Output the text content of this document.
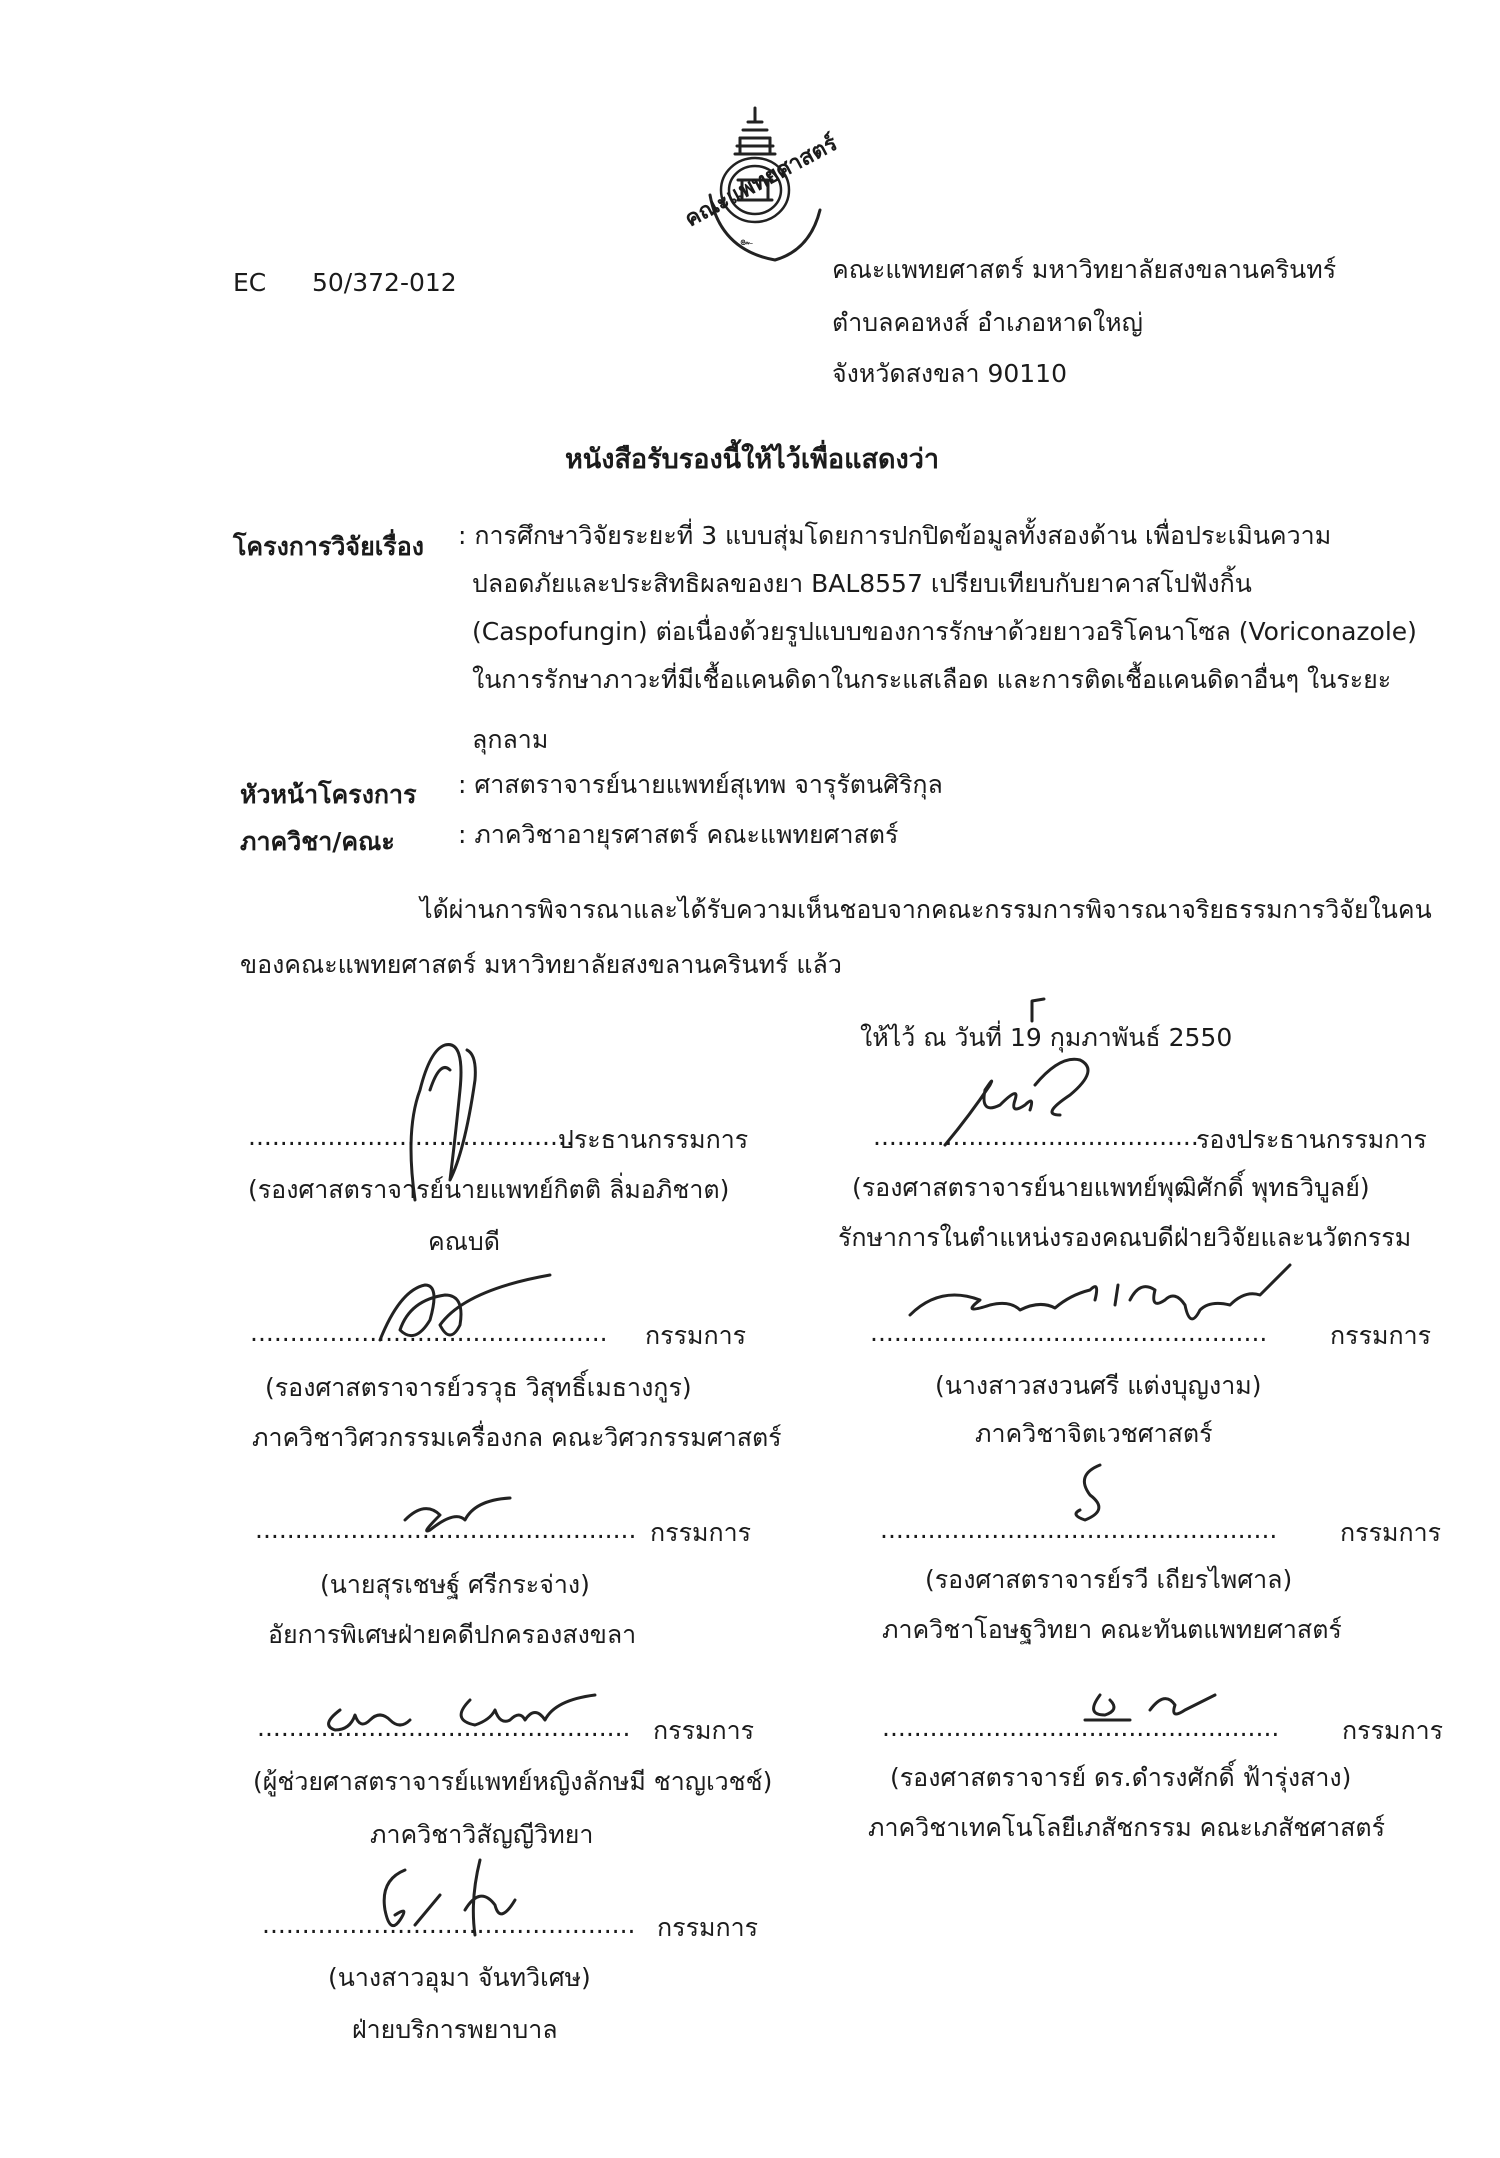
EC 50/372-012
๛
คณะแพทยศาสตร์
คณะแพทยศาสตร์ มหาวิทยาลัยสงขลานครินทร์
ตำบลคอหงส์ อำเภอหาดใหญ่
จังหวัดสงขลา 90110
หนังสือรับรองนี้ให้ไว้เพื่อแสดงว่า
โครงการวิจัยเรื่อง : การศึกษาวิจัยระยะที่ 3 แบบสุ่มโดยการปกปิดข้อมูลทั้งสองด้าน เพื่อประเมินความ
ปลอดภัยและประสิทธิผลของยา BAL8557 เปรียบเทียบกับยาคาสโปฟังกิ้น
(Caspofungin) ต่อเนื่องด้วยรูปแบบของการรักษาด้วยยาวอริโคนาโซล (Voriconazole)
ในการรักษาภาวะที่มีเชื้อแคนดิดาในกระแสเลือด และการติดเชื้อแคนดิดาอื่นๆ ในระยะ
ลุกลาม
หัวหน้าโครงการ : ศาสตราจารย์นายแพทย์สุเทพ จารุรัตนศิริกุล
ภาควิชา/คณะ	: ภาควิชาอายุรศาสตร์ คณะแพทยศาสตร์
ได้ผ่านการพิจารณาและได้รับความเห็นชอบจากคณะกรรมการพิจารณาจริยธรรมการวิจัยในคน
ของคณะแพทยศาสตร์ มหาวิทยาลัยสงขลานครินทร์ แล้ว
ให้ไว้ ณ วันที่ 19 กุมภาพันธ์ 2550
.........................................
ประธานกรรมการ
(รองศาสตราจารย์นายแพทย์กิตติ ลิ่มอภิชาต)
คณบดี
............................................. กรรมการ
(รองศาสตราจารย์วรวุธ วิสุทธิ์เมธางกูร)
ภาควิชาวิศวกรรมเครื่องกล คณะวิศวกรรมศาสตร์
................................................ กรรมการ
(นายสุรเชษฐ์ ศรีกระจ่าง)
อัยการพิเศษฝ่ายคดีปกครองสงขลา
............................................... กรรมการ
(ผู้ช่วยศาสตราจารย์แพทย์หญิงลักษมี ชาญเวชช์)
ภาควิชาวิสัญญีวิทยา
............................................... กรรมการ
(นางสาวอุมา จันทวิเศษ)
ฝ่ายบริการพยาบาล
.........................................
รองประธานกรรมการ
(รองศาสตราจารย์นายแพทย์พุฒิศักดิ์ พุทธวิบูลย์)
รักษาการในตำแหน่งรองคณบดีฝ่ายวิจัยและนวัตกรรม
..................................................	กรรมการ
(นางสาวสงวนศรี แต่งบุญงาม)
ภาควิชาจิตเวชศาสตร์
..................................................	กรรมการ
(รองศาสตราจารย์รวี เถียรไพศาล)
ภาควิชาโอษฐวิทยา คณะทันตแพทยศาสตร์
..................................................	กรรมการ
(รองศาสตราจารย์ ดร.ดำรงศักดิ์ ฟ้ารุ่งสาง)
ภาควิชาเทคโนโลยีเภสัชกรรม คณะเภสัชศาสตร์
